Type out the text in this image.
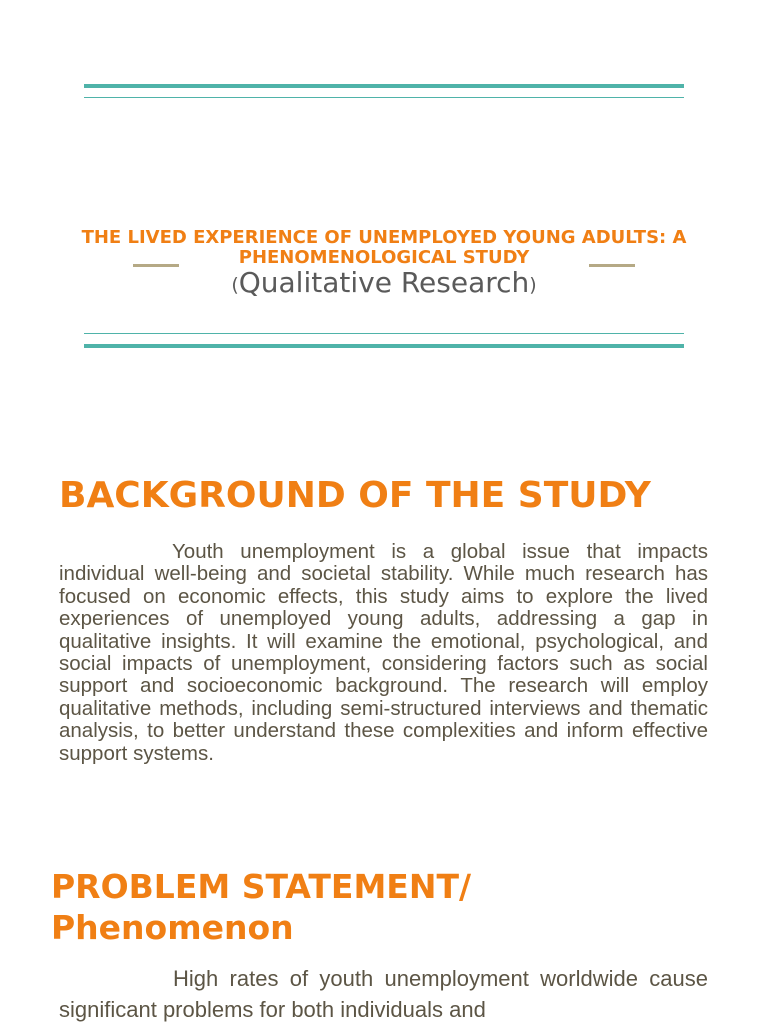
THE LIVED EXPERIENCE OF UNEMPLOYED YOUNG ADULTS: A PHENOMENOLOGICAL STUDY

(Qualitative Research)

BACKGROUND OF THE STUDY

Youth unemployment is a global issue that impacts individual well-being and societal stability. While much research has focused on economic effects, this study aims to explore the lived experiences of unemployed young adults, addressing a gap in qualitative insights. It will examine the emotional, psychological, and social impacts of unemployment, considering factors such as social support and socioeconomic background. The research will employ qualitative methods, including semi-structured interviews and thematic analysis, to better understand these complexities and inform effective support systems.

PROBLEM STATEMENT/
Phenomenon

High rates of youth unemployment worldwide cause significant problems for both individuals and
